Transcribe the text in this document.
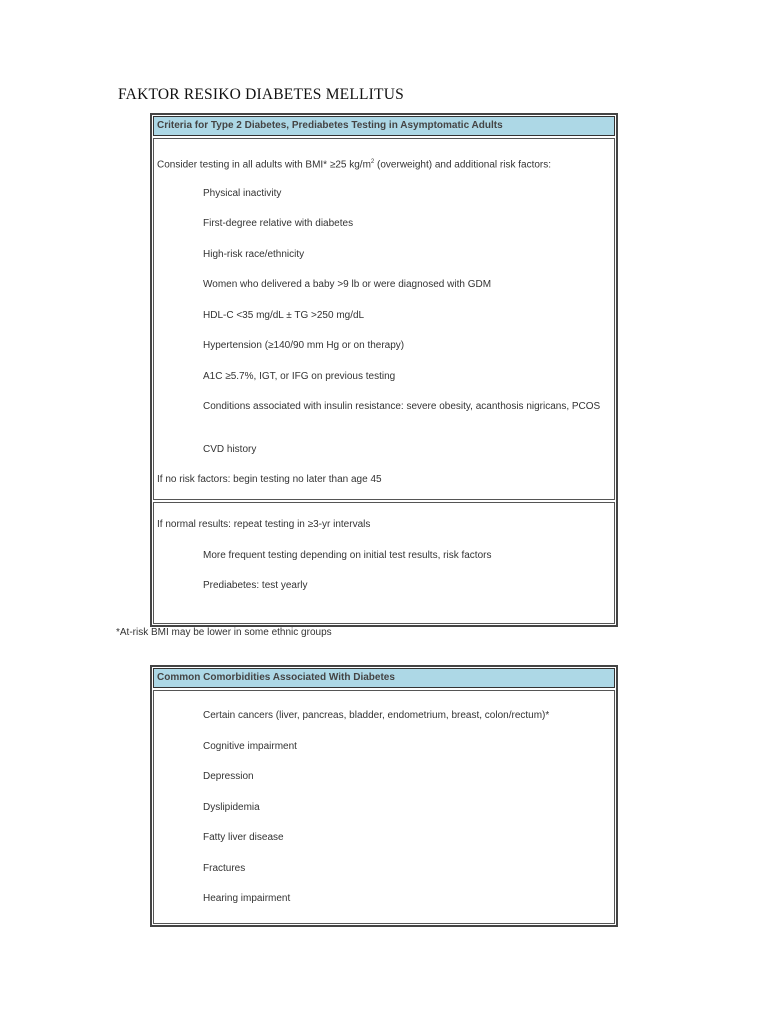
FAKTOR RESIKO DIABETES MELLITUS
Criteria for Type 2 Diabetes, Prediabetes Testing in Asymptomatic Adults
Consider testing in all adults with BMI* ≥25 $kg/m^2$ (overweight) and additional risk factors:
Physical inactivity
First-degree relative with diabetes
High-risk race/ethnicity
Women who delivered a baby >9 lb or were diagnosed with GDM
HDL-C <35 mg/dL ± TG >250 mg/dL
Hypertension (≥140/90 mm Hg or on therapy)
A1C ≥5.7%, IGT, or IFG on previous testing
Conditions associated with insulin resistance: severe obesity, acanthosis nigricans, PCOS
CVD history
If no risk factors: begin testing no later than age 45
If normal results: repeat testing in ≥3-yr intervals
More frequent testing depending on initial test results, risk factors
Prediabetes: test yearly
*At-risk BMI may be lower in some ethnic groups
Common Comorbidities Associated With Diabetes
Certain cancers (liver, pancreas, bladder, endometrium, breast, colon/rectum)*
Cognitive impairment
Depression
Dyslipidemia
Fatty liver disease
Fractures
Hearing impairment
